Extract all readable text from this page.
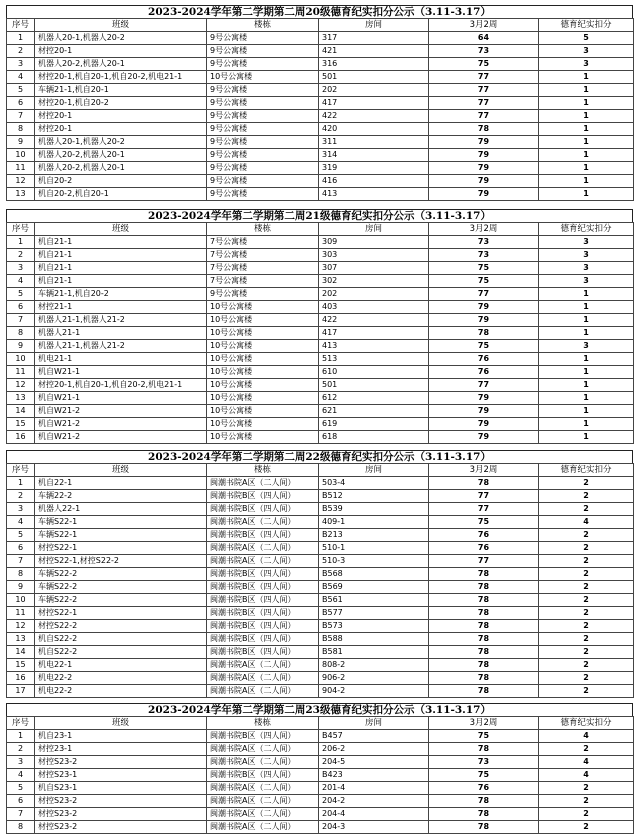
2023-2024学年第二学期第二周20级德育纪实扣分公示（3.11-3.17）
序号	班级	楼栋	房间	3月2周	德育纪实扣分
1	机器人20-1,机器人20-2	9号公寓楼	317	64	5
2	材控20-1	9号公寓楼	421	73	3
3	机器人20-2,机器人20-1	9号公寓楼	316	75	3
4	材控20-1,机自20-1,机自20-2,机电21-1	10号公寓楼	501	77	1
5	车辆21-1,机自20-1	9号公寓楼	202	77	1
6	材控20-1,机自20-2	9号公寓楼	417	77	1
7	材控20-1	9号公寓楼	422	77	1
8	材控20-1	9号公寓楼	420	78	1
9	机器人20-1,机器人20-2	9号公寓楼	311	79	1
10	机器人20-2,机器人20-1	9号公寓楼	314	79	1
11	机器人20-2,机器人20-1	9号公寓楼	319	79	1
12	机自20-2	9号公寓楼	416	79	1
13	机自20-2,机自20-1	9号公寓楼	413	79	1
2023-2024学年第二学期第二周21级德育纪实扣分公示（3.11-3.17）
序号	班级	楼栋	房间	3月2周	德育纪实扣分
1	机自21-1	7号公寓楼	309	73	3
2	机自21-1	7号公寓楼	303	73	3
3	机自21-1	7号公寓楼	307	75	3
4	机自21-1	7号公寓楼	302	75	3
5	车辆21-1,机自20-2	9号公寓楼	202	77	1
6	材控21-1	10号公寓楼	403	79	1
7	机器人21-1,机器人21-2	10号公寓楼	422	79	1
8	机器人21-1	10号公寓楼	417	78	1
9	机器人21-1,机器人21-2	10号公寓楼	413	75	3
10	机电21-1	10号公寓楼	513	76	1
11	机自W21-1	10号公寓楼	610	76	1
12	材控20-1,机自20-1,机自20-2,机电21-1	10号公寓楼	501	77	1
13	机自W21-1	10号公寓楼	612	79	1
14	机自W21-2	10号公寓楼	621	79	1
15	机自W21-2	10号公寓楼	619	79	1
16	机自W21-2	10号公寓楼	618	79	1
2023-2024学年第二学期第二周22级德育纪实扣分公示（3.11-3.17）
序号	班级	楼栋	房间	3月2周	德育纪实扣分
1	机自22-1	闽潮书院A区（二人间）	503-4	78	2
2	车辆22-2	闽潮书院B区（四人间）	B512	77	2
3	机器人22-1	闽潮书院B区（四人间）	B539	77	2
4	车辆S22-1	闽潮书院A区（二人间）	409-1	75	4
5	车辆S22-1	闽潮书院B区（四人间）	B213	76	2
6	材控S22-1	闽潮书院A区（二人间）	510-1	76	2
7	材控S22-1,材控S22-2	闽潮书院A区（二人间）	510-3	77	2
8	车辆S22-2	闽潮书院B区（四人间）	B568	78	2
9	车辆S22-2	闽潮书院B区（四人间）	B569	78	2
10	车辆S22-2	闽潮书院B区（四人间）	B561	78	2
11	材控S22-1	闽潮书院B区（四人间）	B577	78	2
12	材控S22-2	闽潮书院B区（四人间）	B573	78	2
13	机自S22-2	闽潮书院B区（四人间）	B588	78	2
14	机自S22-2	闽潮书院B区（四人间）	B581	78	2
15	机电22-1	闽潮书院A区（二人间）	808-2	78	2
16	机电22-2	闽潮书院A区（二人间）	906-2	78	2
17	机电22-2	闽潮书院A区（二人间）	904-2	78	2
2023-2024学年第二学期第二周23级德育纪实扣分公示（3.11-3.17）
序号	班级	楼栋	房间	3月2周	德育纪实扣分
1	机自23-1	闽潮书院B区（四人间）	B457	75	4
2	材控23-1	闽潮书院A区（二人间）	206-2	78	2
3	材控S23-2	闽潮书院A区（二人间）	204-5	73	4
4	材控S23-1	闽潮书院B区（四人间）	B423	75	4
5	机自S23-1	闽潮书院A区（二人间）	201-4	76	2
6	材控S23-2	闽潮书院A区（二人间）	204-2	78	2
7	材控S23-2	闽潮书院A区（二人间）	204-4	78	2
8	材控S23-2	闽潮书院A区（二人间）	204-3	78	2
